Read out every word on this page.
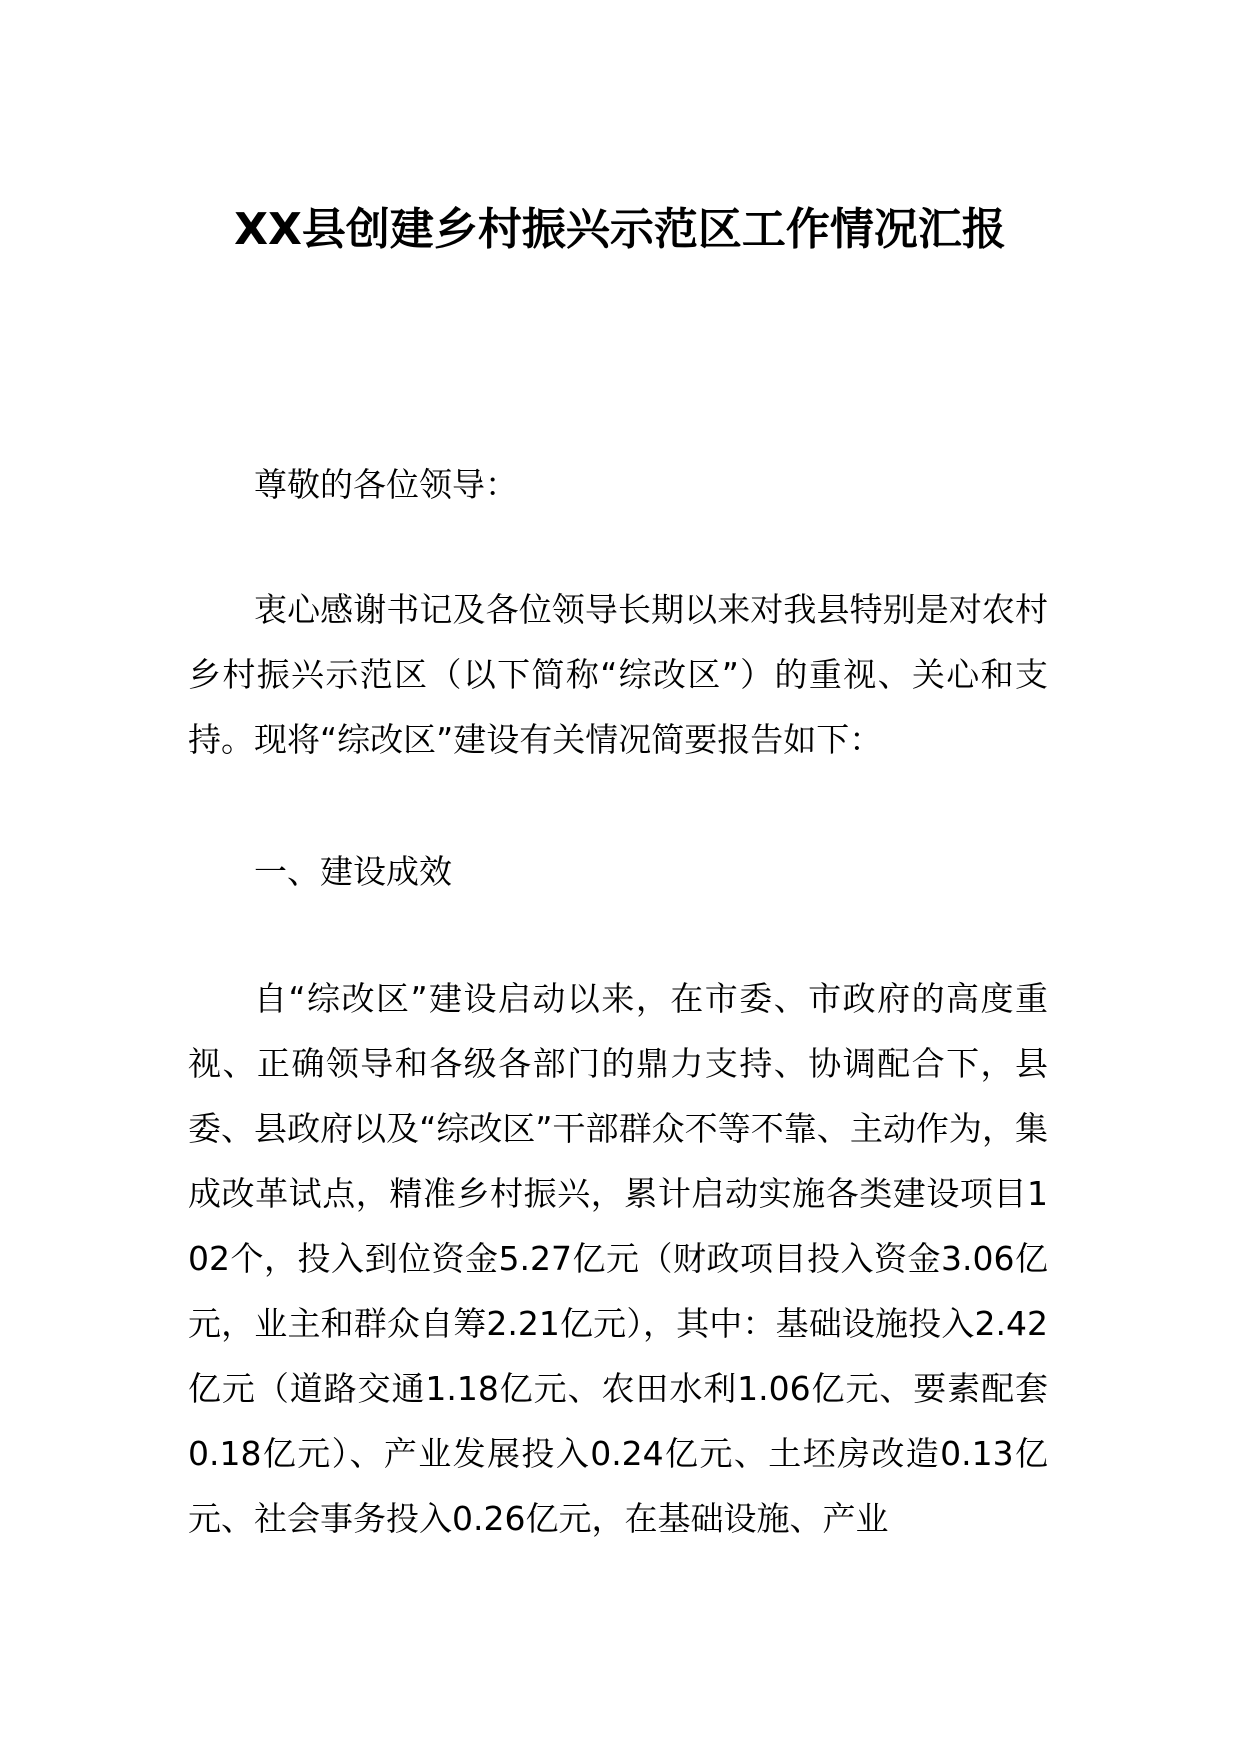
XX县创建乡村振兴示范区工作情况汇报

尊敬的各位领导：

衷心感谢书记及各位领导长期以来对我县特别是对农村乡村振兴示范区（以下简称“综改区”）的重视、关心和支持。现将“综改区”建设有关情况简要报告如下：

一、建设成效

自“综改区”建设启动以来，在市委、市政府的高度重视、正确领导和各级各部门的鼎力支持、协调配合下，县委、县政府以及“综改区”干部群众不等不靠、主动作为，集成改革试点，精准乡村振兴，累计启动实施各类建设项目102个，投入到位资金5.27亿元（财政项目投入资金3.06亿元，业主和群众自筹2.21亿元），其中：基础设施投入2.42亿元（道路交通1.18亿元、农田水利1.06亿元、要素配套0.18亿元）、产业发展投入0.24亿元、土坯房改造0.13亿元、社会事务投入0.26亿元，在基础设施、产业
